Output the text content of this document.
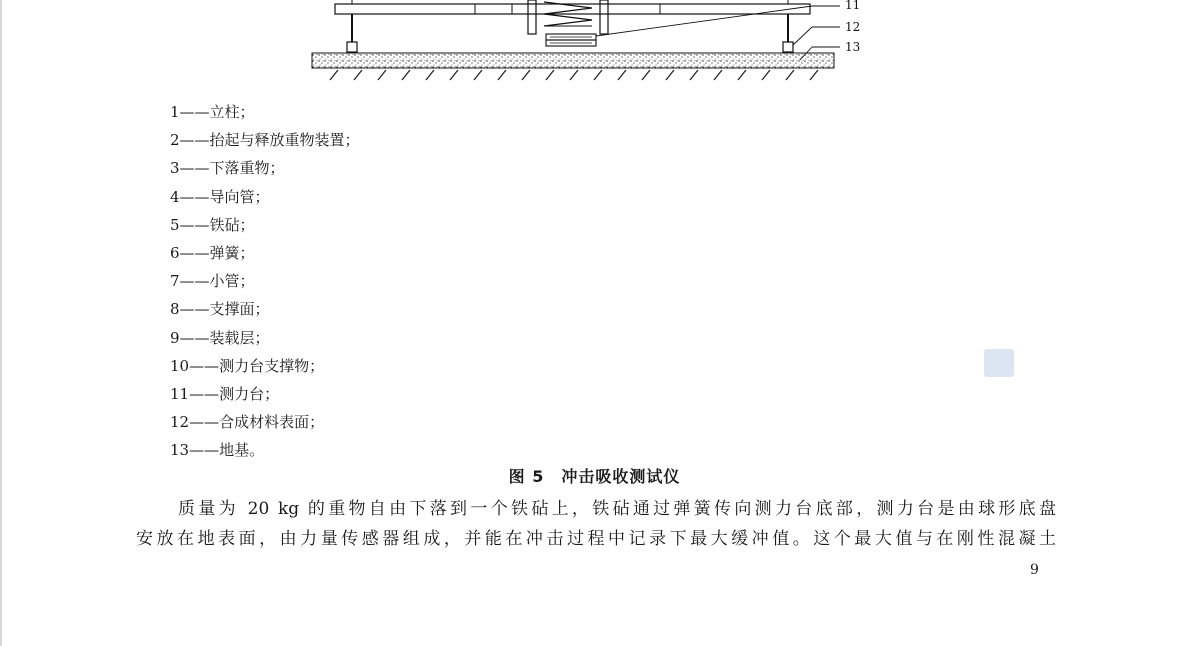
11
12
13
1——立柱；
2——抬起与释放重物装置；
3——下落重物；
4——导向管；
5——铁砧；
6——弹簧；
7——小管；
8——支撑面；
9——装载层；
10——测力台支撑物；
11——测力台；
12——合成材料表面；
13——地基。
图 5　冲击吸收测试仪

质量为 20 kg 的重物自由下落到一个铁砧上，铁砧通过弹簧传向测力台底部，测力台是由球形底盘
安放在地表面，由力量传感器组成，并能在冲击过程中记录下最大缓冲值。这个最大值与在刚性混凝土

9
